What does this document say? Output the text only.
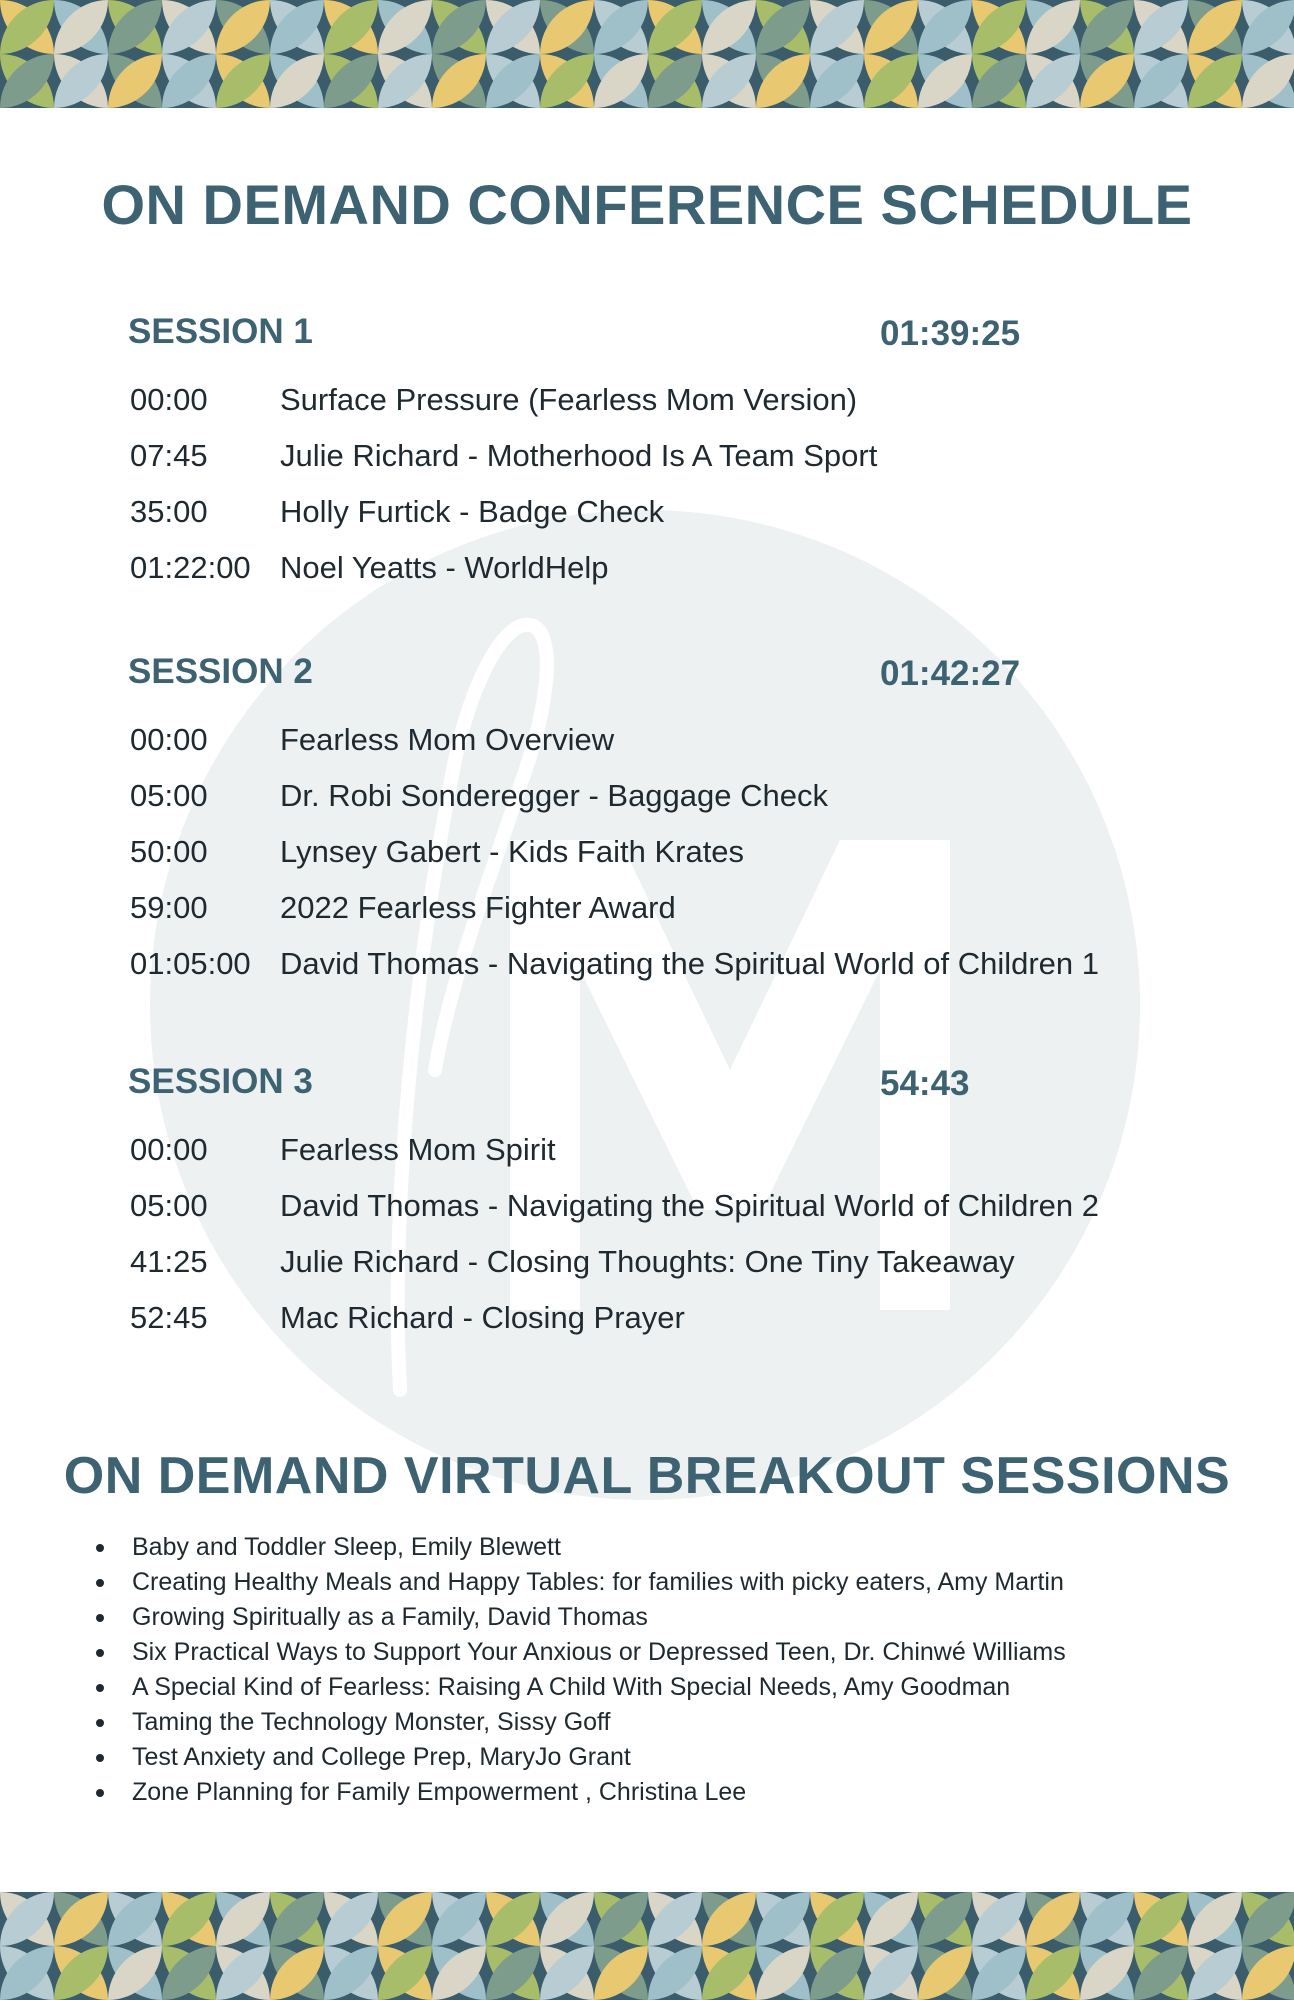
ON DEMAND CONFERENCE SCHEDULE
SESSION 1	01:39:25
00:00 Surface Pressure (Fearless Mom Version)
07:45 Julie Richard - Motherhood Is A Team Sport
35:00 Holly Furtick - Badge Check
01:22:00 Noel Yeatts - WorldHelp
SESSION 2	01:42:27
00:00 Fearless Mom Overview
05:00 Dr. Robi Sonderegger - Baggage Check
50:00 Lynsey Gabert - Kids Faith Krates
59:00 2022 Fearless Fighter Award
01:05:00 David Thomas - Navigating the Spiritual World of Children 1
SESSION 3	54:43
00:00 Fearless Mom Spirit
05:00 David Thomas - Navigating the Spiritual World of Children 2
41:25 Julie Richard - Closing Thoughts: One Tiny Takeaway
52:45 Mac Richard - Closing Prayer
ON DEMAND VIRTUAL BREAKOUT SESSIONS
Baby and Toddler Sleep, Emily Blewett
Creating Healthy Meals and Happy Tables: for families with picky eaters, Amy Martin
Growing Spiritually as a Family, David Thomas
Six Practical Ways to Support Your Anxious or Depressed Teen, Dr. Chinwé Williams
A Special Kind of Fearless: Raising A Child With Special Needs, Amy Goodman
Taming the Technology Monster, Sissy Goff
Test Anxiety and College Prep, MaryJo Grant
Zone Planning for Family Empowerment , Christina Lee
